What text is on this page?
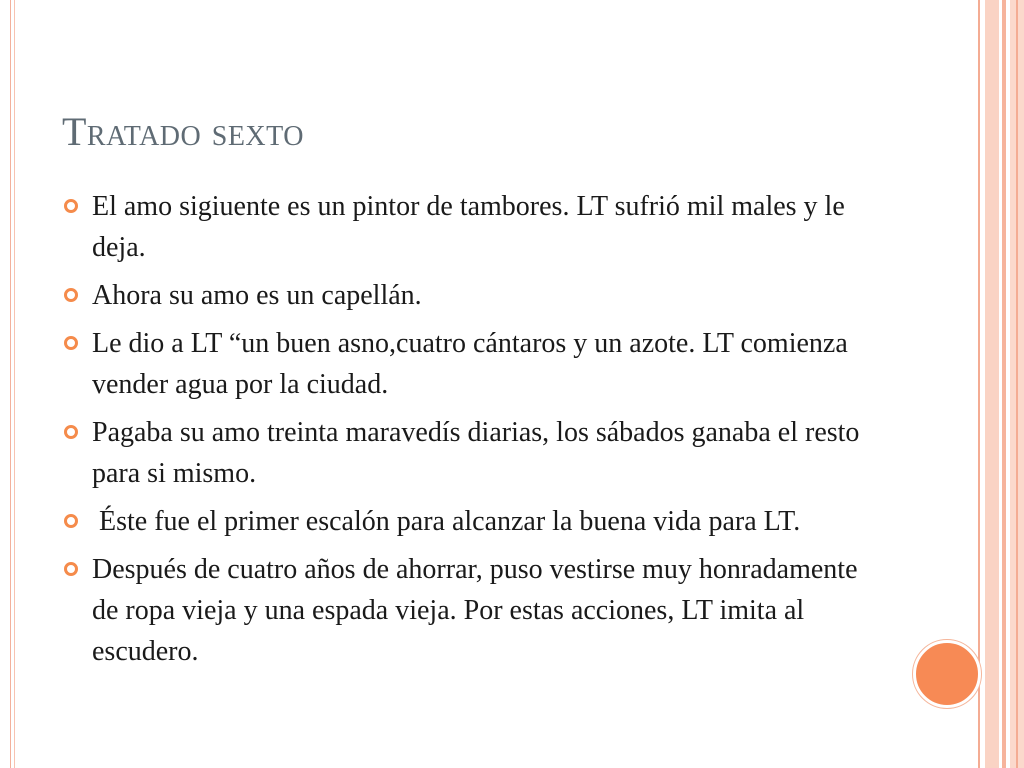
Tratado sexto
El amo sigiuente es un pintor de tambores. LT sufrió mil males y le deja.
Ahora su amo es un capellán.
Le dio a LT “un buen asno,cuatro cántaros y un azote. LT comienza vender agua por la ciudad.
Pagaba su amo treinta maravedís diarias, los sábados ganaba el resto para si mismo.
Éste fue el primer escalón para alcanzar la buena vida para LT.
Después de cuatro años de ahorrar, puso vestirse muy honradamente de ropa vieja y una espada vieja. Por estas acciones, LT imita al escudero.
